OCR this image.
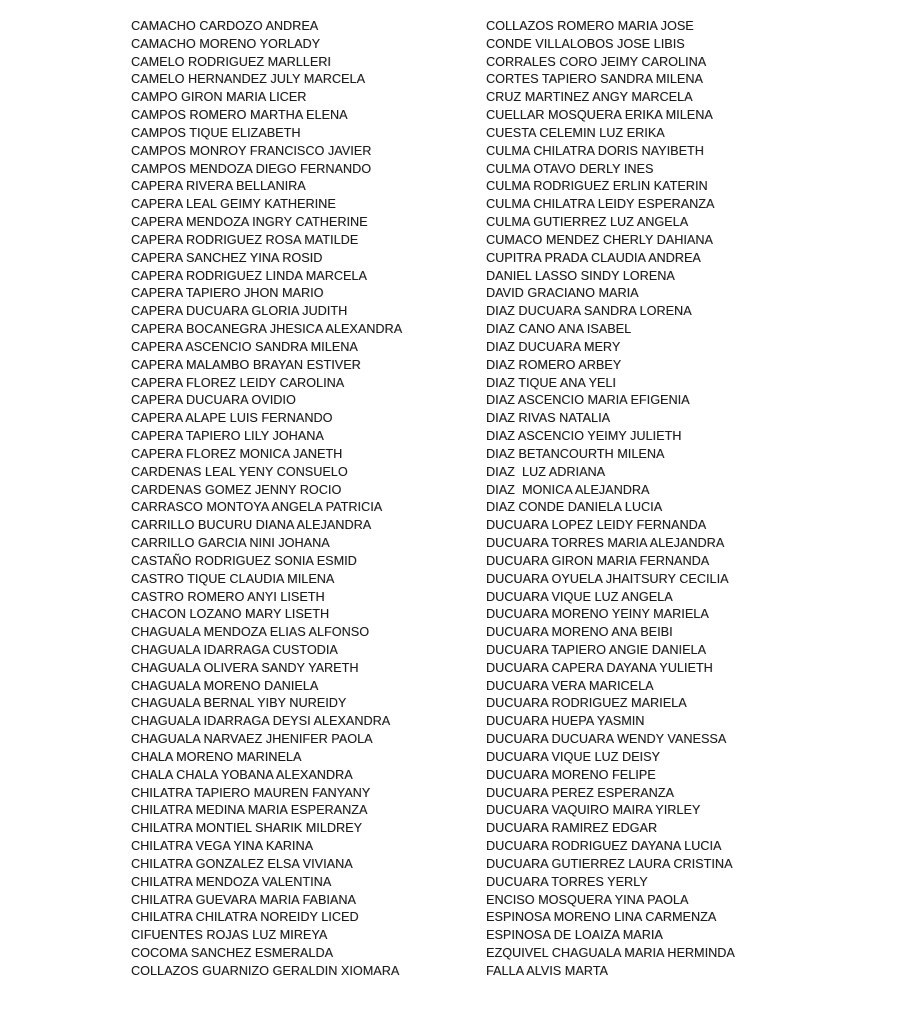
CAMACHO CARDOZO ANDREA
CAMACHO MORENO YORLADY
CAMELO RODRIGUEZ MARLLERI
CAMELO HERNANDEZ JULY MARCELA
CAMPO GIRON MARIA LICER
CAMPOS ROMERO MARTHA ELENA
CAMPOS TIQUE ELIZABETH
CAMPOS MONROY FRANCISCO JAVIER
CAMPOS MENDOZA DIEGO FERNANDO
CAPERA RIVERA BELLANIRA
CAPERA LEAL GEIMY KATHERINE
CAPERA MENDOZA INGRY CATHERINE
CAPERA RODRIGUEZ ROSA MATILDE
CAPERA SANCHEZ YINA ROSID
CAPERA RODRIGUEZ LINDA MARCELA
CAPERA TAPIERO JHON MARIO
CAPERA DUCUARA GLORIA JUDITH
CAPERA BOCANEGRA JHESICA ALEXANDRA
CAPERA ASCENCIO SANDRA MILENA
CAPERA MALAMBO BRAYAN ESTIVER
CAPERA FLOREZ LEIDY CAROLINA
CAPERA DUCUARA OVIDIO
CAPERA ALAPE LUIS FERNANDO
CAPERA TAPIERO LILY JOHANA
CAPERA FLOREZ MONICA JANETH
CARDENAS LEAL YENY CONSUELO
CARDENAS GOMEZ JENNY ROCIO
CARRASCO MONTOYA ANGELA PATRICIA
CARRILLO BUCURU DIANA ALEJANDRA
CARRILLO GARCIA NINI JOHANA
CASTAÑO RODRIGUEZ SONIA ESMID
CASTRO TIQUE CLAUDIA MILENA
CASTRO ROMERO ANYI LISETH
CHACON LOZANO MARY LISETH
CHAGUALA MENDOZA ELIAS ALFONSO
CHAGUALA IDARRAGA CUSTODIA
CHAGUALA OLIVERA SANDY YARETH
CHAGUALA MORENO DANIELA
CHAGUALA BERNAL YIBY NUREIDY
CHAGUALA IDARRAGA DEYSI ALEXANDRA
CHAGUALA NARVAEZ JHENIFER PAOLA
CHALA MORENO MARINELA
CHALA CHALA YOBANA ALEXANDRA
CHILATRA TAPIERO MAUREN FANYANY
CHILATRA MEDINA MARIA ESPERANZA
CHILATRA MONTIEL SHARIK MILDREY
CHILATRA VEGA YINA KARINA
CHILATRA GONZALEZ ELSA VIVIANA
CHILATRA MENDOZA VALENTINA
CHILATRA GUEVARA MARIA FABIANA
CHILATRA CHILATRA NOREIDY LICED
CIFUENTES ROJAS LUZ MIREYA
COCOMA SANCHEZ ESMERALDA
COLLAZOS GUARNIZO GERALDIN XIOMARA
COLLAZOS ROMERO MARIA JOSE
CONDE VILLALOBOS JOSE LIBIS
CORRALES CORO JEIMY CAROLINA
CORTES TAPIERO SANDRA MILENA
CRUZ MARTINEZ ANGY MARCELA
CUELLAR MOSQUERA ERIKA MILENA
CUESTA CELEMIN LUZ ERIKA
CULMA CHILATRA DORIS NAYIBETH
CULMA OTAVO DERLY INES
CULMA RODRIGUEZ ERLIN KATERIN
CULMA CHILATRA LEIDY ESPERANZA
CULMA GUTIERREZ LUZ ANGELA
CUMACO MENDEZ CHERLY DAHIANA
CUPITRA PRADA CLAUDIA ANDREA
DANIEL LASSO SINDY LORENA
DAVID GRACIANO MARIA
DIAZ DUCUARA SANDRA LORENA
DIAZ CANO ANA ISABEL
DIAZ DUCUARA MERY
DIAZ ROMERO ARBEY
DIAZ TIQUE ANA YELI
DIAZ ASCENCIO MARIA EFIGENIA
DIAZ RIVAS NATALIA
DIAZ ASCENCIO YEIMY JULIETH
DIAZ BETANCOURTH MILENA
DIAZ  LUZ ADRIANA
DIAZ  MONICA ALEJANDRA
DIAZ CONDE DANIELA LUCIA
DUCUARA LOPEZ LEIDY FERNANDA
DUCUARA TORRES MARIA ALEJANDRA
DUCUARA GIRON MARIA FERNANDA
DUCUARA OYUELA JHAITSURY CECILIA
DUCUARA VIQUE LUZ ANGELA
DUCUARA MORENO YEINY MARIELA
DUCUARA MORENO ANA BEIBI
DUCUARA TAPIERO ANGIE DANIELA
DUCUARA CAPERA DAYANA YULIETH
DUCUARA VERA MARICELA
DUCUARA RODRIGUEZ MARIELA
DUCUARA HUEPA YASMIN
DUCUARA DUCUARA WENDY VANESSA
DUCUARA VIQUE LUZ DEISY
DUCUARA MORENO FELIPE
DUCUARA PEREZ ESPERANZA
DUCUARA VAQUIRO MAIRA YIRLEY
DUCUARA RAMIREZ EDGAR
DUCUARA RODRIGUEZ DAYANA LUCIA
DUCUARA GUTIERREZ LAURA CRISTINA
DUCUARA TORRES YERLY
ENCISO MOSQUERA YINA PAOLA
ESPINOSA MORENO LINA CARMENZA
ESPINOSA DE LOAIZA MARIA
EZQUIVEL CHAGUALA MARIA HERMINDA
FALLA ALVIS MARTA
